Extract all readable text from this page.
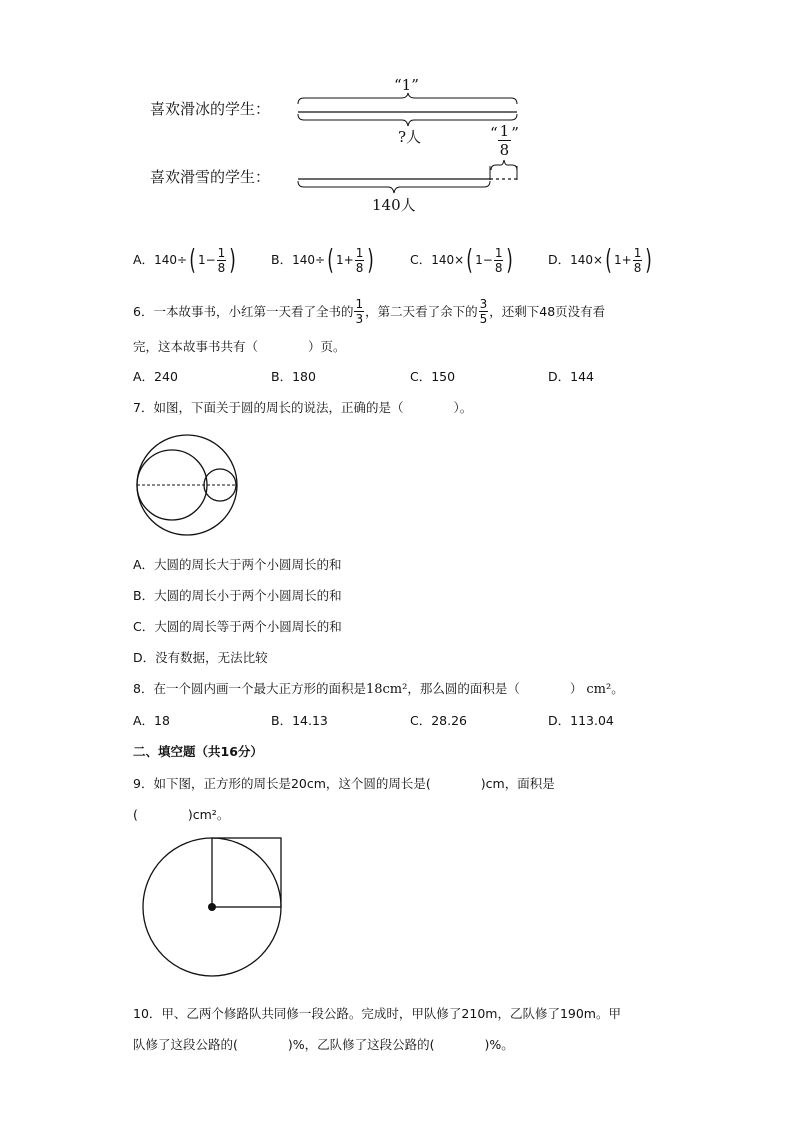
喜欢滑冰的学生：
“1”
?人
喜欢滑雪的学生：
“ $\frac{1}{8}$ ”
140人
A． 140÷ ( $1- \frac{1}{8}$ )	B． 140÷ ( $1+ \frac{1}{8}$ )	C． 140× ( $1- \frac{1}{8}$ )	D． 140× ( $1+ \frac{1}{8}$ )
6．一本故事书，小红第一天看了全书的 $\frac{1}{3}$ ，第二天看了余下的 $\frac{3}{5}$ ，还剩下48页没有看
完，这本故事书共有（　　　　）页。
A．240	B．180	C．150	D．144
7．如图，下面关于圆的周长的说法，正确的是（　　　　）。
A．大圆的周长大于两个小圆周长的和
B．大圆的周长小于两个小圆周长的和
C．大圆的周长等于两个小圆周长的和
D．没有数据，无法比较
8．在一个圆内画一个最大正方形的面积是 18cm² ，那么圆的面积是（　　　　） cm² 。
A．18	B．14.13	C．28.26	D．113.04
二、填空题（共16分）
9．如下图，正方形的周长是20cm，这个圆的周长是(　　　　)cm，面积是
(　　　　)cm²。
10．甲、乙两个修路队共同修一段公路。完成时，甲队修了210m，乙队修了190m。甲
队修了这段公路的(　　　　)%，乙队修了这段公路的(　　　　)%。
